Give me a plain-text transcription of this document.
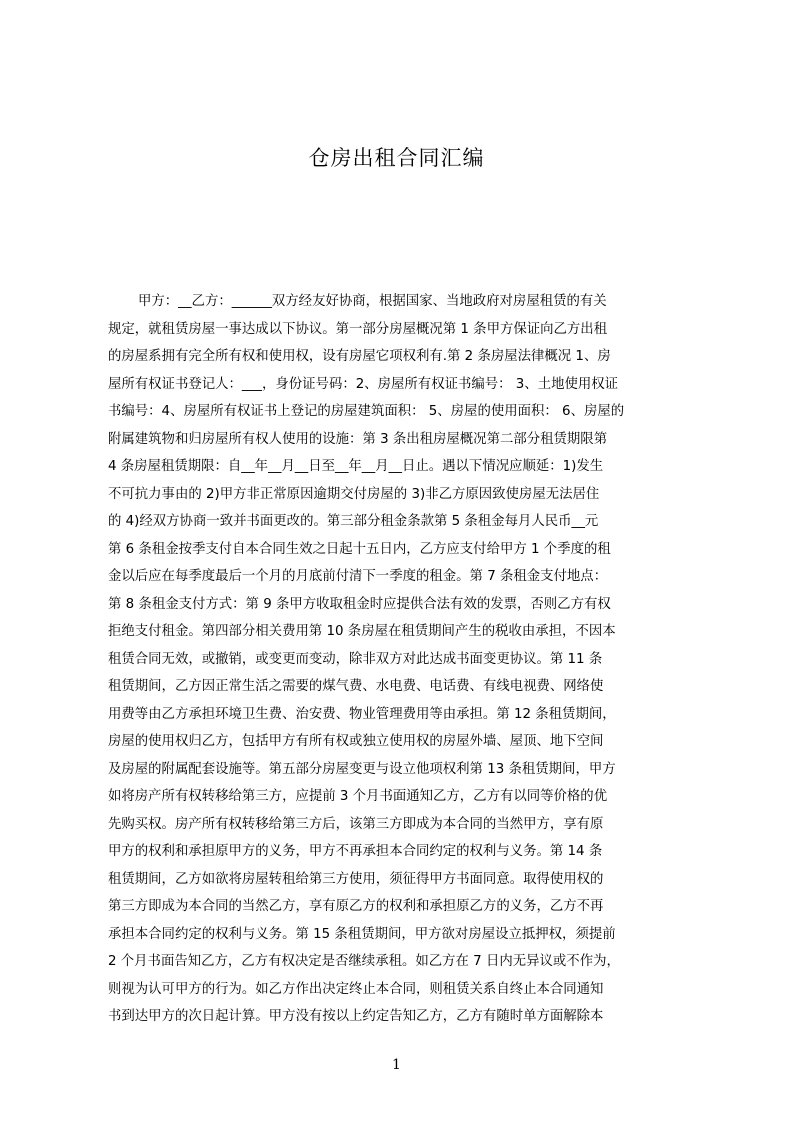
仓房出租合同汇编
甲方：__乙方：______双方经友好协商，根据国家、当地政府对房屋租赁的有关
规定，就租赁房屋一事达成以下协议。第一部分房屋概况第 1 条甲方保证向乙方出租
的房屋系拥有完全所有权和使用权，设有房屋它项权利有.第 2 条房屋法律概况 1、房
屋所有权证书登记人：___，身份证号码：2、房屋所有权证书编号： 3、土地使用权证
书编号：4、房屋所有权证书上登记的房屋建筑面积： 5、房屋的使用面积： 6、房屋的
附属建筑物和归房屋所有权人使用的设施：第 3 条出租房屋概况第二部分租赁期限第
4 条房屋租赁期限：自__年__月__日至__年__月__日止。遇以下情况应顺延：1)发生
不可抗力事由的 2)甲方非正常原因逾期交付房屋的 3)非乙方原因致使房屋无法居住
的 4)经双方协商一致并书面更改的。第三部分租金条款第 5 条租金每月人民币__元
第 6 条租金按季支付自本合同生效之日起十五日内，乙方应支付给甲方 1 个季度的租
金以后应在每季度最后一个月的月底前付清下一季度的租金。第 7 条租金支付地点：
第 8 条租金支付方式：第 9 条甲方收取租金时应提供合法有效的发票，否则乙方有权
拒绝支付租金。第四部分相关费用第 10 条房屋在租赁期间产生的税收由承担，不因本
租赁合同无效，或撤销，或变更而变动，除非双方对此达成书面变更协议。第 11 条
租赁期间，乙方因正常生活之需要的煤气费、水电费、电话费、有线电视费、网络使
用费等由乙方承担环境卫生费、治安费、物业管理费用等由承担。第 12 条租赁期间，
房屋的使用权归乙方，包括甲方有所有权或独立使用权的房屋外墙、屋顶、地下空间
及房屋的附属配套设施等。第五部分房屋变更与设立他项权利第 13 条租赁期间，甲方
如将房产所有权转移给第三方，应提前 3 个月书面通知乙方，乙方有以同等价格的优
先购买权。房产所有权转移给第三方后，该第三方即成为本合同的当然甲方，享有原
甲方的权利和承担原甲方的义务，甲方不再承担本合同约定的权利与义务。第 14 条
租赁期间，乙方如欲将房屋转租给第三方使用，须征得甲方书面同意。取得使用权的
第三方即成为本合同的当然乙方，享有原乙方的权利和承担原乙方的义务，乙方不再
承担本合同约定的权利与义务。第 15 条租赁期间，甲方欲对房屋设立抵押权，须提前
2 个月书面告知乙方，乙方有权决定是否继续承租。如乙方在 7 日内无异议或不作为，
则视为认可甲方的行为。如乙方作出决定终止本合同，则租赁关系自终止本合同通知
书到达甲方的次日起计算。甲方没有按以上约定告知乙方，乙方有随时单方面解除本
1
